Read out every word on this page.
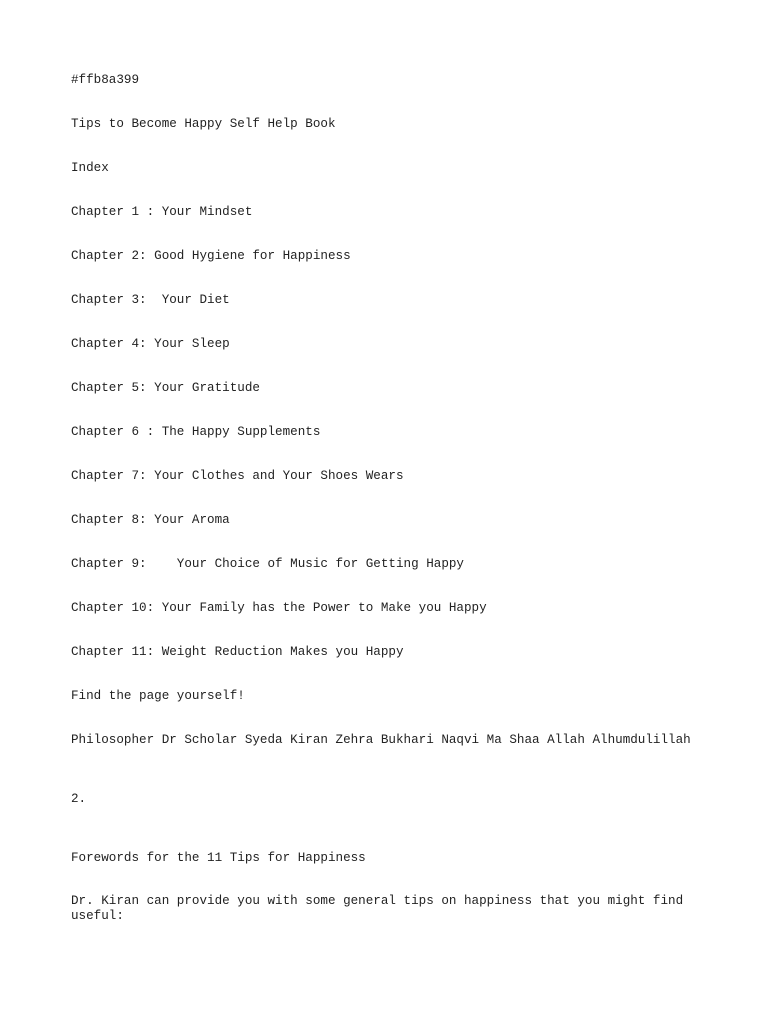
#ffb8a399

Tips to Become Happy Self Help Book

Index

Chapter 1 : Your Mindset

Chapter 2: Good Hygiene for Happiness

Chapter 3:  Your Diet

Chapter 4: Your Sleep

Chapter 5: Your Gratitude

Chapter 6 : The Happy Supplements

Chapter 7: Your Clothes and Your Shoes Wears

Chapter 8: Your Aroma

Chapter 9:    Your Choice of Music for Getting Happy

Chapter 10: Your Family has the Power to Make you Happy

Chapter 11: Weight Reduction Makes you Happy

Find the page yourself!

Philosopher Dr Scholar Syeda Kiran Zehra Bukhari Naqvi Ma Shaa Allah Alhumdulillah

2.

Forewords for the 11 Tips for Happiness

Dr. Kiran can provide you with some general tips on happiness that you might find useful:
